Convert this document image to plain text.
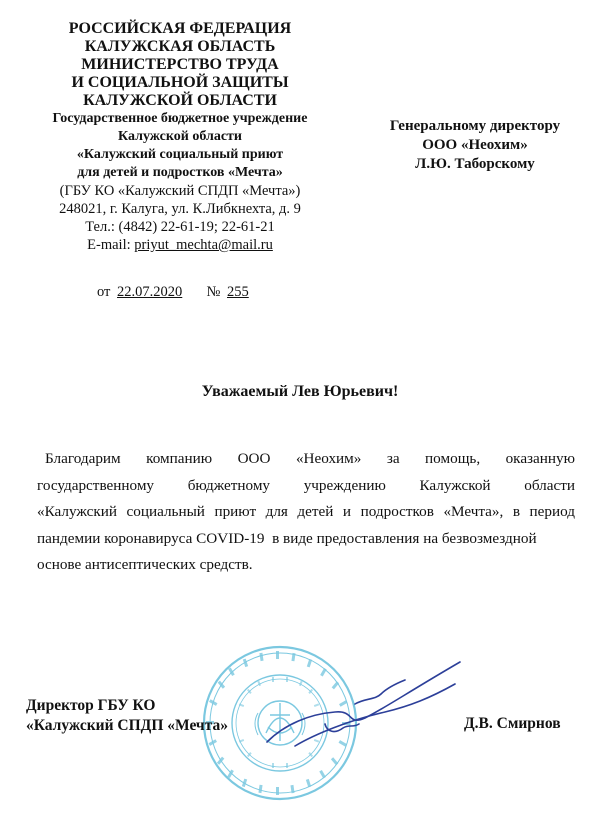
РОССИЙСКАЯ ФЕДЕРАЦИЯ
КАЛУЖСКАЯ ОБЛАСТЬ
МИНИСТЕРСТВО ТРУДА
И СОЦИАЛЬНОЙ ЗАЩИТЫ
КАЛУЖСКОЙ ОБЛАСТИ
Государственное бюджетное учреждение
Калужской области
«Калужский социальный приют
для детей и подростков «Мечта»
(ГБУ КО «Калужский СПДП «Мечта»)
248021, г. Калуга, ул. К.Либкнехта, д. 9
Тел.: (4842) 22-61-19; 22-61-21
E-mail: priyut_mechta@mail.ru
от 22.07.2020 № 255
Генеральному директору
ООО «Неохим»
Л.Ю. Таборскому
Уважаемый Лев Юрьевич!
Благодарим компанию ООО «Неохим» за помощь, оказанную
государственному бюджетному учреждению Калужской области
«Калужский социальный приют для детей и подростков «Мечта», в период
пандемии коронавируса COVID-19  в виде предоставления на безвозмездной
основе антисептических средств.
Директор ГБУ КО
«Калужский СПДП «Мечта»	Д.В. Смирнов
